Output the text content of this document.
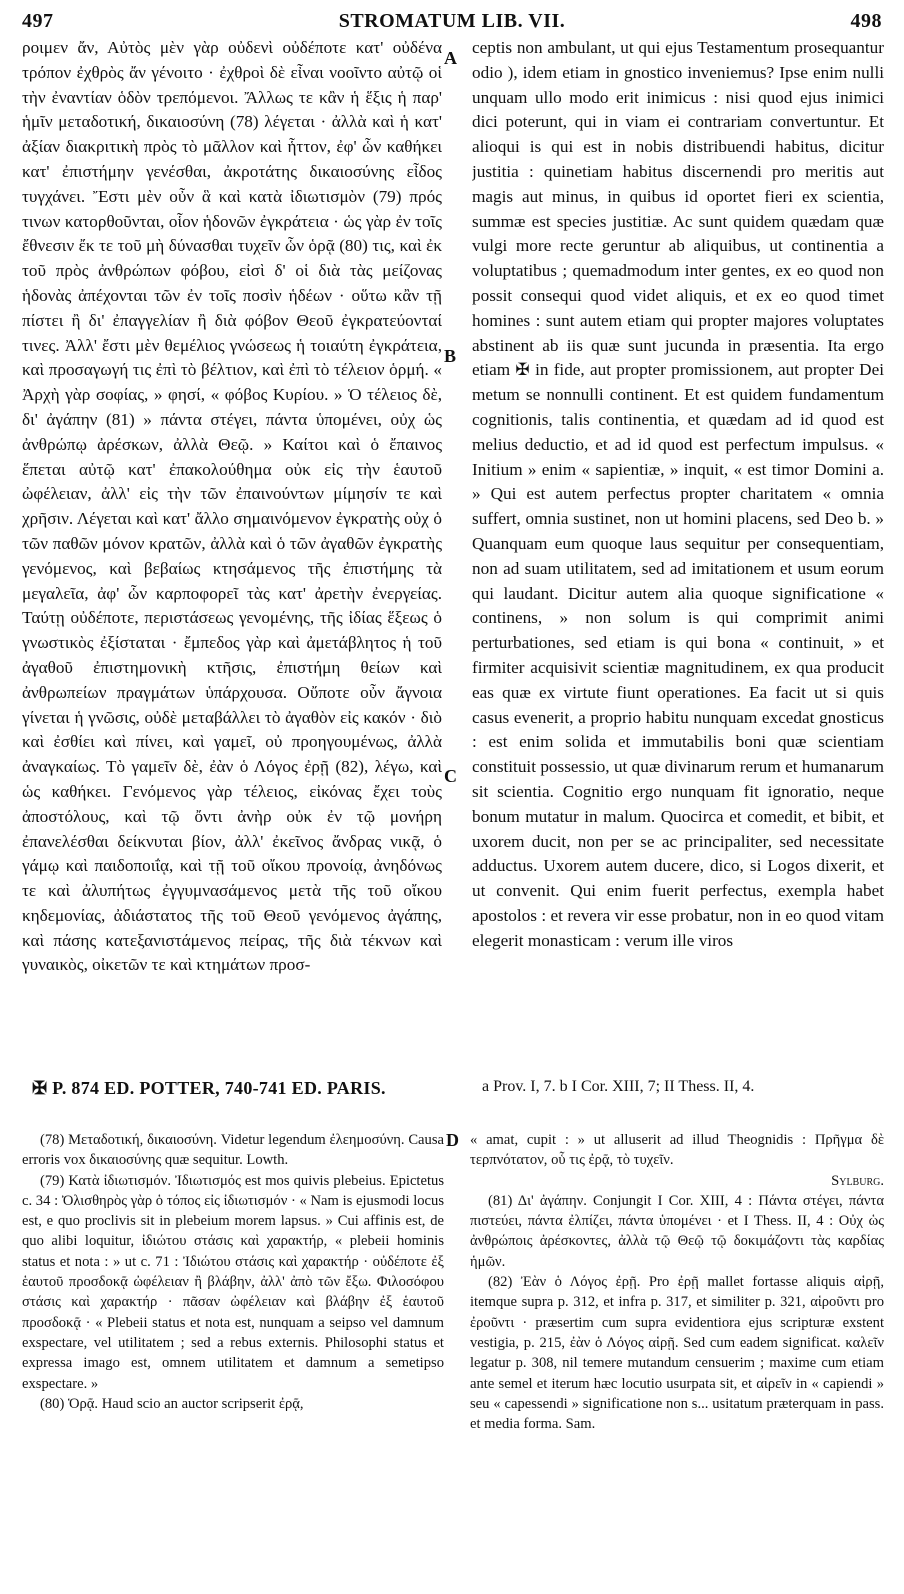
497	STROMATUM LIB. VII.	498

ροιμεν ἄν, Αὐτὸς μὲν γὰρ οὐδενὶ οὐδέποτε κατ' οὐδένα τρόπον ἐχθρὸς ἄν γένοιτο · ἐχθροὶ δὲ εἶναι νοοῖντο αὐτῷ οἱ τὴν ἐναντίαν ὁδὸν τρεπόμενοι. Ἄλλως τε κἂν ἡ ἕξις ἡ παρ' ἡμῖν μεταδοτική, δικαιοσύνη (78) λέγεται · ἀλλὰ καὶ ἡ κατ' ἀξίαν διακριτικὴ πρὸς τὸ μᾶλλον καὶ ἧττον, ἐφ' ὧν καθήκει κατ' ἐπιστήμην γενέσθαι, ἀκροτάτης δικαιοσύνης εἶδος τυγχάνει. Ἔστι μὲν οὖν ἃ καὶ κατὰ ἰδιωτισμὸν (79) πρός τινων κατορθοῦνται, οἷον ἡδονῶν ἐγκράτεια · ὡς γὰρ ἐν τοῖς ἔθνεσιν ἔκ τε τοῦ μὴ δύνασθαι τυχεῖν ὧν ὁρᾷ (80) τις, καὶ ἐκ τοῦ πρὸς ἀνθρώπων φόβου, εἰσὶ δ' οἱ διὰ τὰς μείζονας ἡδονὰς ἀπέχονται τῶν ἐν τοῖς ποσὶν ἡδέων · οὕτω κἂν τῇ πίστει ἢ δι' ἐπαγγελίαν ἢ διὰ φόβον Θεοῦ ἐγκρατεύονταί τινες. Ἀλλ' ἔστι μὲν θεμέλιος γνώσεως ἡ τοιαύτη ἐγκράτεια, καὶ προσαγωγή τις ἐπὶ τὸ βέλτιον, καὶ ἐπὶ τὸ τέλειον ὁρμή. « Ἀρχὴ γὰρ σοφίας, » φησί, « φόβος Κυρίου. » Ὁ τέλειος δὲ, δι' ἀγάπην (81) » πάντα στέγει, πάντα ὑπομένει, οὐχ ὡς ἀνθρώπῳ ἀρέσκων, ἀλλὰ Θεῷ. » Καίτοι καὶ ὁ ἔπαινος ἕπεται αὐτῷ κατ' ἐπακολούθημα οὐκ εἰς τὴν ἑαυτοῦ ὠφέλειαν, ἀλλ' εἰς τὴν τῶν ἐπαινούντων μίμησίν τε καὶ χρῆσιν. Λέγεται καὶ κατ' ἄλλο σημαινόμενον ἐγκρατὴς οὐχ ὁ τῶν παθῶν μόνον κρατῶν, ἀλλὰ καὶ ὁ τῶν ἀγαθῶν ἐγκρατὴς γενόμενος, καὶ βεβαίως κτησάμενος τῆς ἐπιστήμης τὰ μεγαλεῖα, ἀφ' ὧν καρποφορεῖ τὰς κατ' ἀρετὴν ἐνεργείας. Ταύτῃ οὐδέποτε, περιστάσεως γενομένης, τῆς ἰδίας ἕξεως ὁ γνωστικὸς ἐξίσταται · ἔμπεδος γὰρ καὶ ἀμετάβλητος ἡ τοῦ ἀγαθοῦ ἐπιστημονικὴ κτῆσις, ἐπιστήμη θείων καὶ ἀνθρωπείων πραγμάτων ὑπάρχουσα. Οὔποτε οὖν ἄγνοια γίνεται ἡ γνῶσις, οὐδὲ μεταβάλλει τὸ ἀγαθὸν εἰς κακόν · διὸ καὶ ἐσθίει καὶ πίνει, καὶ γαμεῖ, οὐ προηγουμένως, ἀλλὰ ἀναγκαίως. Τὸ γαμεῖν δὲ, ἐὰν ὁ Λόγος ἐρῇ (82), λέγω, καὶ ὡς καθήκει. Γενόμενος γὰρ τέλειος, εἰκόνας ἔχει τοὺς ἀποστόλους, καὶ τῷ ὄντι ἀνὴρ οὐκ ἐν τῷ μονήρη ἐπανελέσθαι δείκνυται βίον, ἀλλ' ἐκεῖνος ἄνδρας νικᾷ, ὁ γάμῳ καὶ παιδοποιΐᾳ, καὶ τῇ τοῦ οἴκου προνοίᾳ, ἀνηδόνως τε καὶ ἀλυπήτως ἐγγυμνασάμενος μετὰ τῆς τοῦ οἴκου κηδεμονίας, ἀδιάστατος τῆς τοῦ Θεοῦ γενόμενος ἀγάπης, καὶ πάσης κατεξανιστάμενος πείρας, τῆς διὰ τέκνων καὶ γυναικὸς, οἰκετῶν τε καὶ κτημάτων προσ-

A
B
C
D

ceptis non ambulant, ut qui ejus Testamentum prosequantur odio ), idem etiam in gnostico inveniemus? Ipse enim nulli unquam ullo modo erit inimicus : nisi quod ejus inimici dici poterunt, qui in viam ei contrariam convertuntur. Et alioqui is qui est in nobis distribuendi habitus, dicitur justitia : quinetiam habitus discernendi pro meritis aut magis aut minus, in quibus id oportet fieri ex scientia, summæ est species justitiæ. Ac sunt quidem quædam quæ vulgi more recte geruntur ab aliquibus, ut continentia a voluptatibus ; quemadmodum inter gentes, ex eo quod non possit consequi quod videt aliquis, et ex eo quod timet homines : sunt autem etiam qui propter majores voluptates abstinent ab iis quæ sunt jucunda in præsentia. Ita ergo etiam ✠ in fide, aut propter promissionem, aut propter Dei metum se nonnulli continent. Et est quidem fundamentum cognitionis, talis continentia, et quædam ad id quod est melius deductio, et ad id quod est perfectum impulsus. « Initium » enim « sapientiæ, » inquit, « est timor Domini a. » Qui est autem perfectus propter charitatem « omnia suffert, omnia sustinet, non ut homini placens, sed Deo b. » Quanquam eum quoque laus sequitur per consequentiam, non ad suam utilitatem, sed ad imitationem et usum eorum qui laudant. Dicitur autem alia quoque significatione « continens, » non solum is qui comprimit animi perturbationes, sed etiam is qui bona « continuit, » et firmiter acquisivit scientiæ magnitudinem, ex qua producit eas quæ ex virtute fiunt operationes. Ea facit ut si quis casus evenerit, a proprio habitu nunquam excedat gnosticus : est enim solida et immutabilis boni quæ scientiam constituit possessio, ut quæ divinarum rerum et humanarum sit scientia. Cognitio ergo nunquam fit ignoratio, neque bonum mutatur in malum. Quocirca et comedit, et bibit, et uxorem ducit, non per se ac principaliter, sed necessitate adductus. Uxorem autem ducere, dico, si Logos dixerit, et ut convenit. Qui enim fuerit perfectus, exempla habet apostolos : et revera vir esse probatur, non in eo quod vitam elegerit monasticam : verum ille viros

✠ P. 874 ED. POTTER, 740-741 ED. PARIS.	a Prov. I, 7. b I Cor. XIII, 7; II Thess. II, 4.

(78) Μεταδοτική, δικαιοσύνη. Videtur legendum ἐλεημοσύνη. Causa erroris vox δικαιοσύνης quæ sequitur. Lowth.

(79) Κατὰ ἰδιωτισμόν. Ἰδιωτισμός est mos quivis plebeius. Epictetus c. 34 : Ὀλισθηρὸς γὰρ ὁ τόπος εἰς ἰδιωτισμόν · « Nam is ejusmodi locus est, e quo proclivis sit in plebeium morem lapsus. » Cui affinis est, de quo alibi loquitur, ἰδιώτου στάσις καὶ χαρακτήρ, « plebeii hominis status et nota : » ut c. 71 : Ἰδιώτου στάσις καὶ χαρακτήρ · οὐδέποτε ἐξ ἑαυτοῦ προσδοκᾷ ὠφέλειαν ἢ βλάβην, ἀλλ' ἀπὸ τῶν ἔξω. Φιλοσόφου στάσις καὶ χαρακτήρ · πᾶσαν ὠφέλειαν καὶ βλάβην ἐξ ἑαυτοῦ προσδοκᾷ · « Plebeii status et nota est, nunquam a seipso vel damnum exspectare, vel utilitatem ; sed a rebus externis. Philosophi status et expressa imago est, omnem utilitatem et damnum a semetipso exspectare. »

(80) Ὁρᾷ. Haud scio an auctor scripserit ἐρᾷ,

« amat, cupit : » ut alluserit ad illud Theognidis : Πρῆγμα δὲ τερπνότατον, οὗ τις ἐρᾷ, τὸ τυχεῖν.

Sylburg.

(81) Δι' ἀγάπην. Conjungit I Cor. XIII, 4 : Πάντα στέγει, πάντα πιστεύει, πάντα ἐλπίζει, πάντα ὑπομένει · et I Thess. II, 4 : Οὐχ ὡς ἀνθρώποις ἀρέσκοντες, ἀλλὰ τῷ Θεῷ τῷ δοκιμάζοντι τὰς καρδίας ἡμῶν.

(82) Ἐὰν ὁ Λόγος ἐρῇ. Pro ἐρῇ mallet fortasse aliquis αἱρῇ, itemque supra p. 312, et infra p. 317, et similiter p. 321, αἱροῦντι pro ἐροῦντι · præsertim cum supra evidentiora ejus scripturæ exstent vestigia, p. 215, ἐὰν ὁ Λόγος αἱρῇ. Sed cum eadem significat. καλεῖν legatur p. 308, nil temere mutandum censuerim ; maxime cum etiam ante semel et iterum hæc locutio usurpata sit, et αἱρεῖν in « capiendi » seu « capessendi » significatione non s... usitatum præterquam in pass. et media forma. Sam.
